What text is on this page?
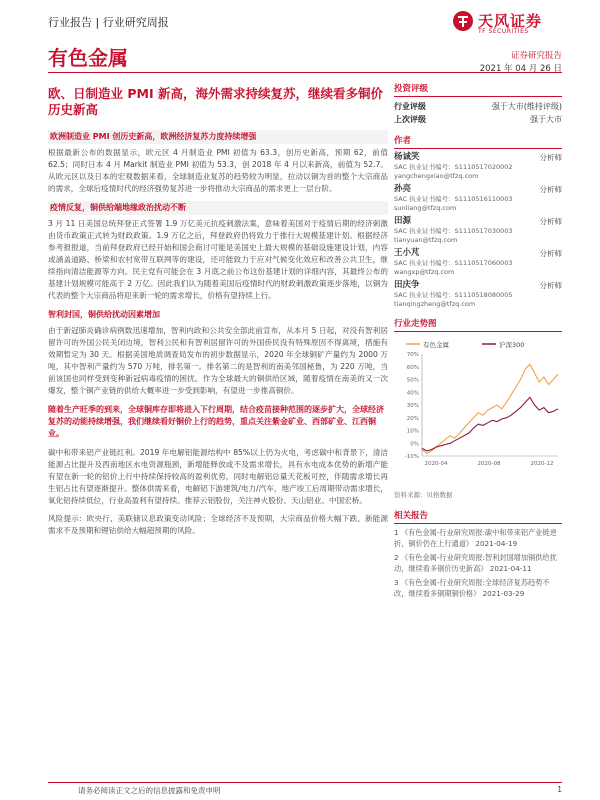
行业报告 | 行业研究周报	天风证券
TF SECURITIES
有色金属	证券研究报告
2021 年 04 月 26 日
欧、日制造业 PMI 新高，海外需求持续复苏，继续看多铜价历史新高
欧洲制造业 PMI 创历史新高，欧洲经济复苏力度持续增强
根据最新公布的数据显示，欧元区 4 月制造业 PMI 初值为 63.3，创历史新高，预期 62，前值 62.5；同时日本 4 月 Markit 制造业 PMI 初值为 53.3，创 2018 年 4 月以来新高，前值为 52.7。从欧元区以及日本的宏观数据来看，全球制造业复苏的趋势较为明显，拉动以铜为首的整个大宗商品的需求，全球后疫情时代的经济强势复苏进一步将推动大宗商品的需求更上一层台阶。
疫情反复，铜供给端地缘政治扰动不断
3 月 11 日美国总统拜登正式签署 1.9 万亿美元抗疫刺激法案，意味着美国对于疫情后期的经济刺激由货币政策正式转为财政政策。1.9 万亿之后，拜登政府仍将致力于推行大规模基建计划。根据经济参考报报道，当前拜登政府已经开始和国会商讨可能是美国史上最大规模的基础设施建设计划，内容或涵盖道路、桥梁和农村宽带互联网等的建设，还可能致力于应对气候变化效应和改善公共卫生，继续指向清洁能源等方向。民主党有可能会在 3 月底之前公布这份基建计划的详细内容，其最终公布的基建计划规模可能高于 2 万亿。因此我们认为随着美国后疫情时代的财政刺激政策逐步落地，以铜为代表的整个大宗商品将迎来新一轮的需求增长，价格有望持续上行。
智利封国，铜供给扰动因素增加
由于新冠肺炎确诊病例数迅速增加，智利内政和公共安全部此前宣布，从本月 5 日起，对没有智利居留许可的外国公民关闭边境，智利公民和有智利居留许可的外国侨民没有特殊原因不得离境，措施有效期暂定为 30 天。根据美国地质调查局发布的初步数据显示，2020 年全球铜矿产量约为 2000 万吨，其中智利产量约为 570 万吨，排名第一。排名第二的是智利的南美邻国秘鲁，为 220 万吨，当前该国也同样受到变种新冠病毒疫情的困扰。作为全球最大的铜供给区域，随着疫情在南美的又一次爆发，整个铜产业链的供给大概率进一步受到影响，有望进一步推高铜价。
随着生产旺季的到来，全球铜库存即将进入下行周期，结合疫苗接种范围的逐步扩大，全球经济复苏的动能持续增强，我们继续看好铜价上行的趋势，重点关注紫金矿业、西部矿业、江西铜业。
碳中和带来铝产业链红利。2019 年电解铝能源结构中 85%以上仍为火电，考虑碳中和背景下，清洁能源占比提升及西南地区水电资源瓶颈，新增能释放或不及需求增长，具有水电成本优势的新增产能有望在新一轮的铝价上行中持续保持较高的盈利优势，同时电解铝总量天花板可控，伴随需求增长再生铝占比有望逐渐提升。整体供需来看，电解铝下游建筑/电力/汽车，地产竣工后周期带动需求增长，氧化铝持续低位，行业高盈利有望持续。推荐云铝股份，关注神火股份、天山铝业、中国宏桥。
风险提示：欧央行、美联储议息政策变动风险；全球经济不及预期，大宗商品价格大幅下跌、新能源需求不及预期和锂钴供给大幅超预期的风险。
投资评级
行业评级	强于大市(维持评级)
上次评级	强于大市
作者
杨诚笑	分析师
SAC 执业证书编号：S1110517020002
yangchengxiao@tfzq.com
孙亮	分析师
SAC 执业证书编号：S1110516110003
sunliang@tfzq.com
田源	分析师
SAC 执业证书编号：S1110517030003
tianyuan@tfzq.com
王小芃	分析师
SAC 执业证书编号：S1110517060003
wangxp@tfzq.com
田庆争	分析师
SAC 执业证书编号：S1110518080005
tianqingzheng@tfzq.com
行业走势图
有色金属	沪深300
70%
60%
50%
40%
30%
20%
10%
0%
-10%
2020-04	2020-08	2020-12
资料来源：贝格数据
相关报告
1 《有色金属-行业研究周报:碳中和带来铝产业链逆折，铜价仍在上行通道》 2021-04-19
2 《有色金属-行业研究周报:智利封国增加铜供给扰动，继续看多铜价历史新高》 2021-04-11
3 《有色金属-行业研究周报:全球经济复苏趋势不改，继续看多铜期铜价格》 2021-03-29
请务必阅读正文之后的信息披露和免责申明	1
